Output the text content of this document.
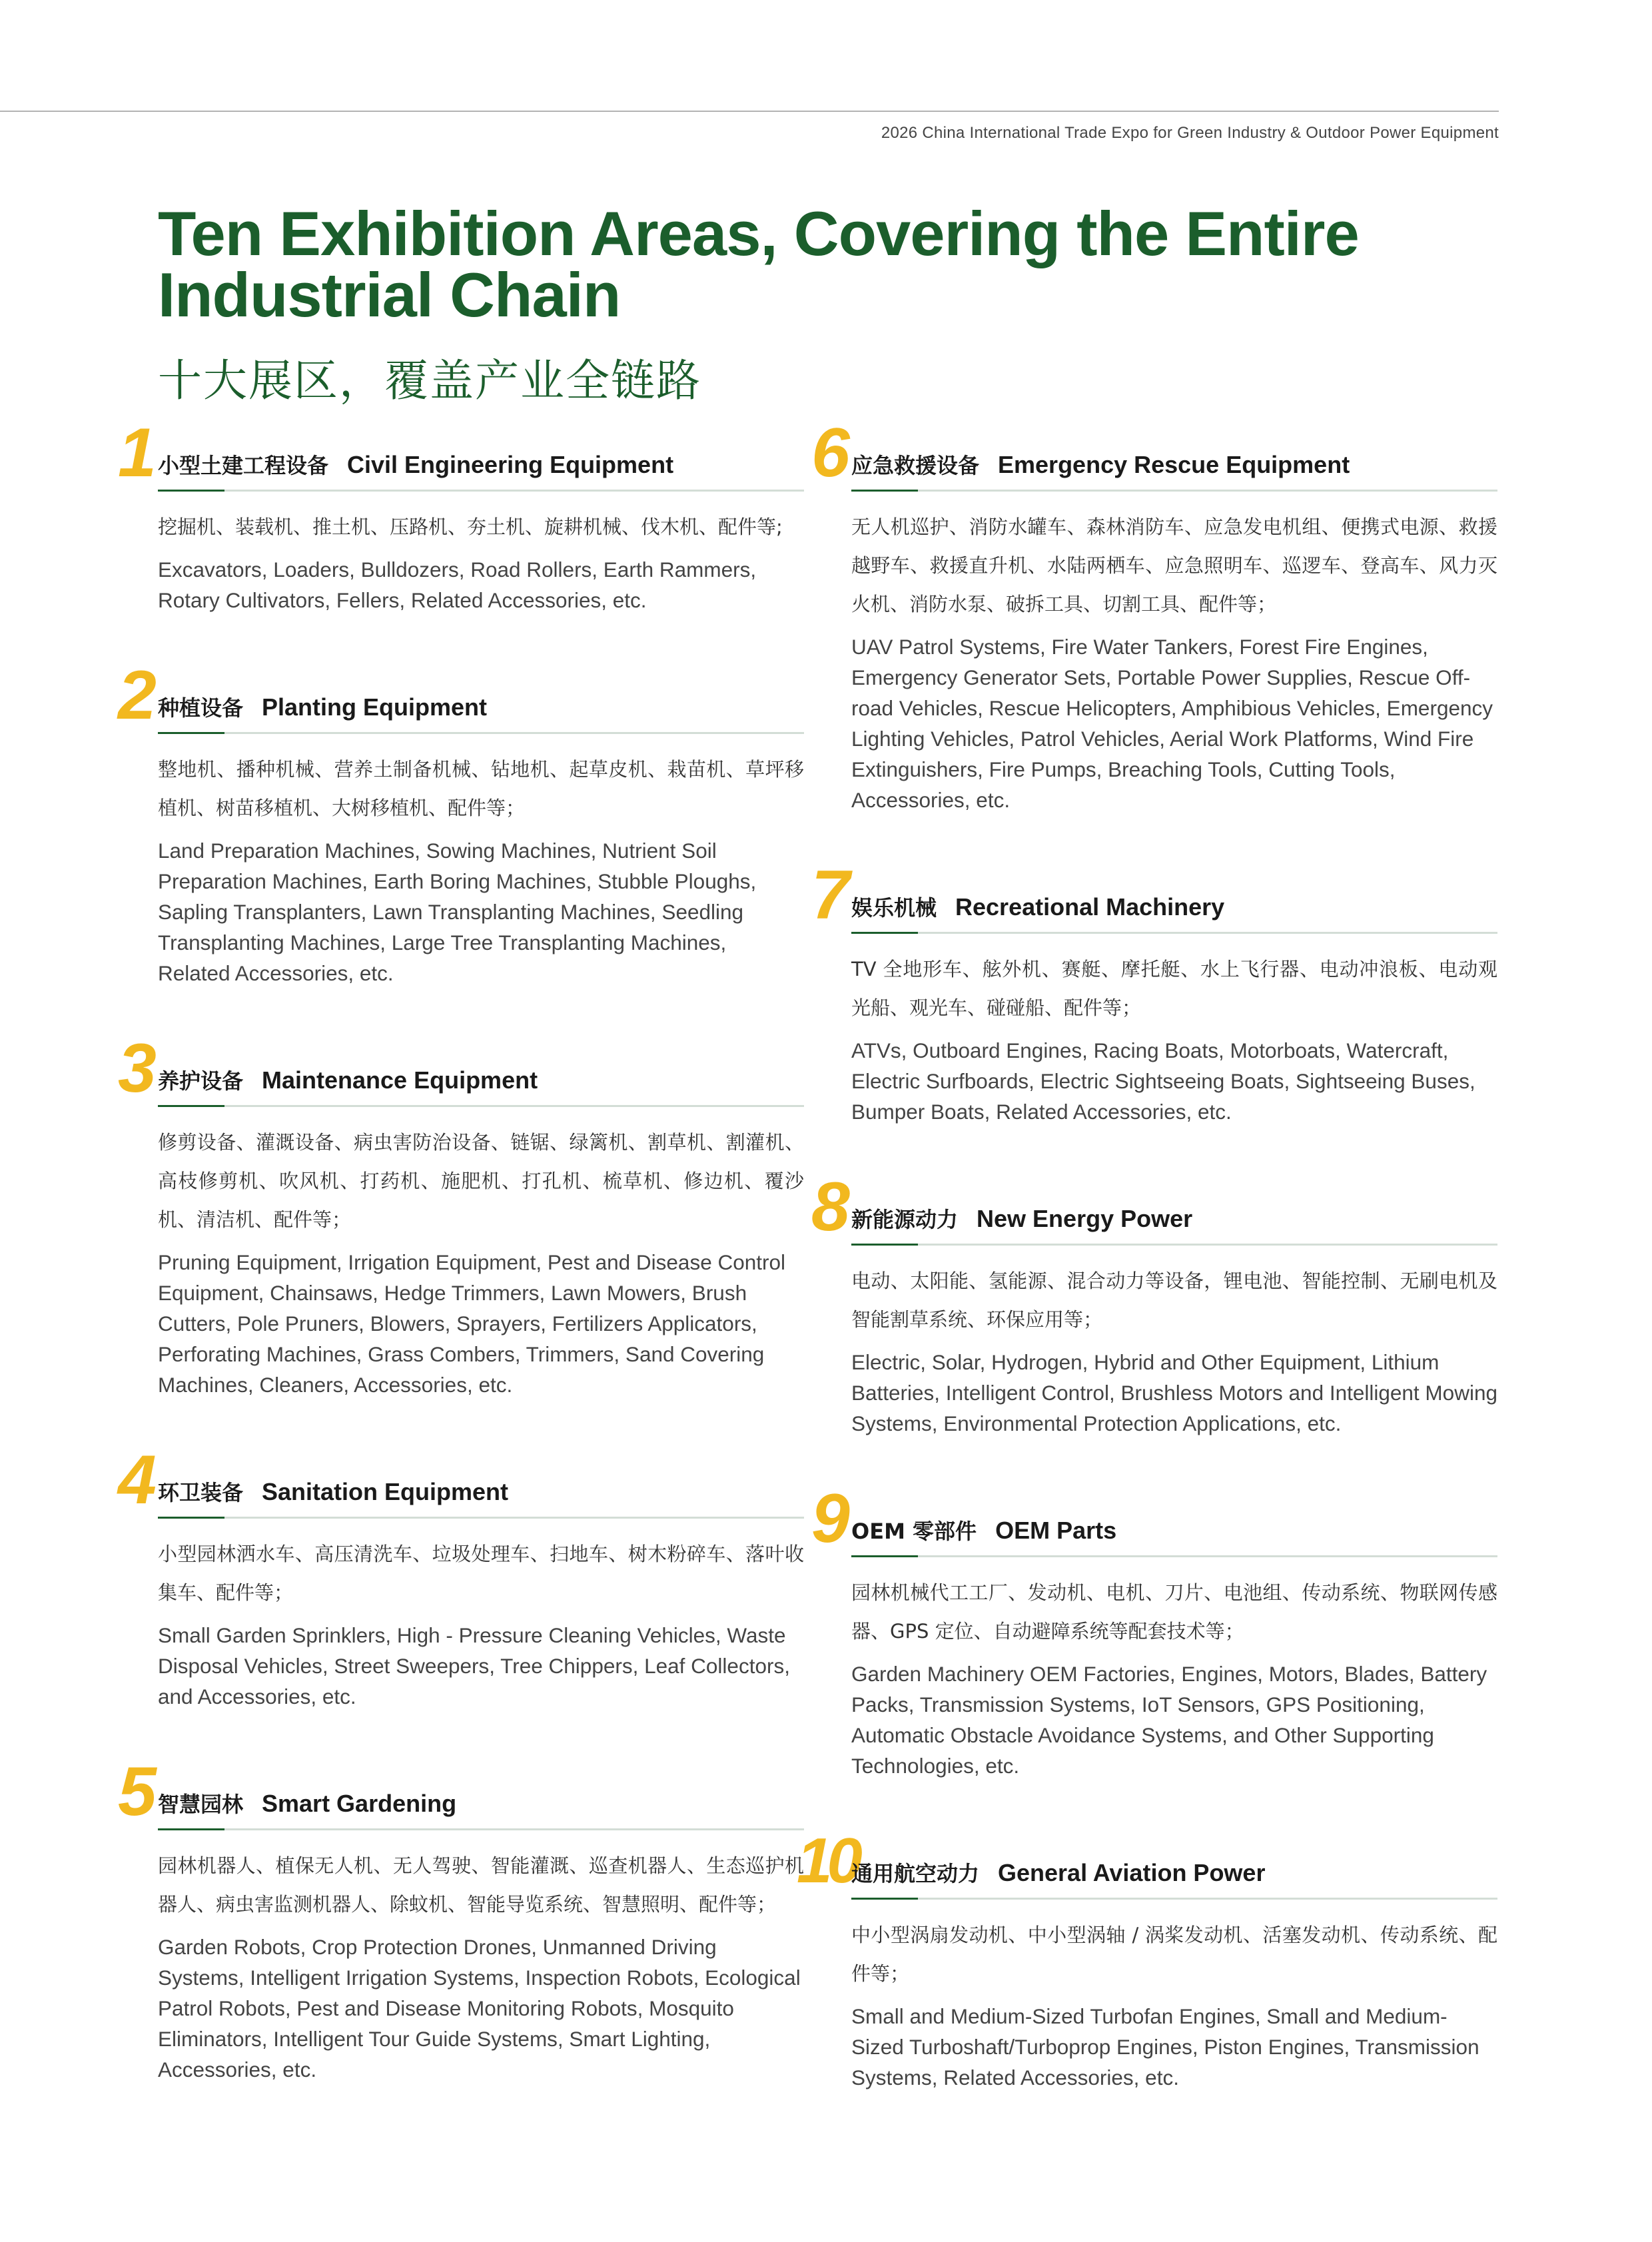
2026 China International Trade Expo for Green Industry & Outdoor Power Equipment
Ten Exhibition Areas, Covering the Entire Industrial Chain
十大展区，覆盖产业全链路
1 小型土建工程设备 Civil Engineering Equipment
挖掘机、装载机、推土机、压路机、夯土机、旋耕机械、伐木机、配件等;
Excavators, Loaders, Bulldozers, Road Rollers, Earth Rammers, Rotary Cultivators, Fellers, Related Accessories, etc.
2 种植设备 Planting Equipment
整地机、播种机械、营养土制备机械、钻地机、起草皮机、栽苗机、草坪移植机、树苗移植机、大树移植机、配件等；
Land Preparation Machines, Sowing Machines, Nutrient Soil Preparation Machines, Earth Boring Machines, Stubble Ploughs, Sapling Transplanters, Lawn Transplanting Machines, Seedling Transplanting Machines, Large Tree Transplanting Machines, Related Accessories, etc.
3 养护设备 Maintenance Equipment
修剪设备、灌溉设备、病虫害防治设备、链锯、绿篱机、割草机、割灌机、高枝修剪机、吹风机、打药机、施肥机、打孔机、梳草机、修边机、覆沙机、清洁机、配件等；
Pruning Equipment, Irrigation Equipment, Pest and Disease Control Equipment, Chainsaws, Hedge Trimmers, Lawn Mowers, Brush Cutters, Pole Pruners, Blowers, Sprayers, Fertilizers Applicators, Perforating Machines, Grass Combers, Trimmers, Sand Covering Machines, Cleaners, Accessories, etc.
4 环卫装备 Sanitation Equipment
小型园林洒水车、高压清洗车、垃圾处理车、扫地车、树木粉碎车、落叶收集车、配件等；
Small Garden Sprinklers, High - Pressure Cleaning Vehicles, Waste Disposal Vehicles, Street Sweepers, Tree Chippers, Leaf Collectors, and Accessories, etc.
5 智慧园林 Smart Gardening
园林机器人、植保无人机、无人驾驶、智能灌溉、巡查机器人、生态巡护机器人、病虫害监测机器人、除蚊机、智能导览系统、智慧照明、配件等；
Garden Robots, Crop Protection Drones, Unmanned Driving Systems, Intelligent Irrigation Systems, Inspection Robots, Ecological Patrol Robots, Pest and Disease Monitoring Robots, Mosquito Eliminators, Intelligent Tour Guide Systems, Smart Lighting, Accessories, etc.
6 应急救援设备 Emergency Rescue Equipment
无人机巡护、消防水罐车、森林消防车、应急发电机组、便携式电源、救援越野车、救援直升机、水陆两栖车、应急照明车、巡逻车、登高车、风力灭火机、消防水泵、破拆工具、切割工具、配件等；
UAV Patrol Systems, Fire Water Tankers, Forest Fire Engines, Emergency Generator Sets, Portable Power Supplies, Rescue Off-road Vehicles, Rescue Helicopters, Amphibious Vehicles, Emergency Lighting Vehicles, Patrol Vehicles, Aerial Work Platforms, Wind Fire Extinguishers, Fire Pumps, Breaching Tools, Cutting Tools, Accessories, etc.
7 娱乐机械 Recreational Machinery
TV 全地形车、舷外机、赛艇、摩托艇、水上飞行器、电动冲浪板、电动观光船、观光车、碰碰船、配件等；
ATVs, Outboard Engines, Racing Boats, Motorboats, Watercraft, Electric Surfboards, Electric Sightseeing Boats, Sightseeing Buses, Bumper Boats, Related Accessories, etc.
8 新能源动力 New Energy Power
电动、太阳能、氢能源、混合动力等设备，锂电池、智能控制、无刷电机及智能割草系统、环保应用等；
Electric, Solar, Hydrogen, Hybrid and Other Equipment, Lithium Batteries, Intelligent Control, Brushless Motors and Intelligent Mowing Systems, Environmental Protection Applications, etc.
9 OEM 零部件 OEM Parts
园林机械代工工厂、发动机、电机、刀片、电池组、传动系统、物联网传感器、GPS 定位、自动避障系统等配套技术等；
Garden Machinery OEM Factories, Engines, Motors, Blades, Battery Packs, Transmission Systems, IoT Sensors, GPS Positioning, Automatic Obstacle Avoidance Systems, and Other Supporting Technologies, etc.
10
通用航空动力 General Aviation Power
中小型涡扇发动机、中小型涡轴 / 涡桨发动机、活塞发动机、传动系统、配件等；
Small and Medium-Sized Turbofan Engines, Small and Medium-Sized Turboshaft/Turboprop Engines, Piston Engines, Transmission Systems, Related Accessories, etc.
